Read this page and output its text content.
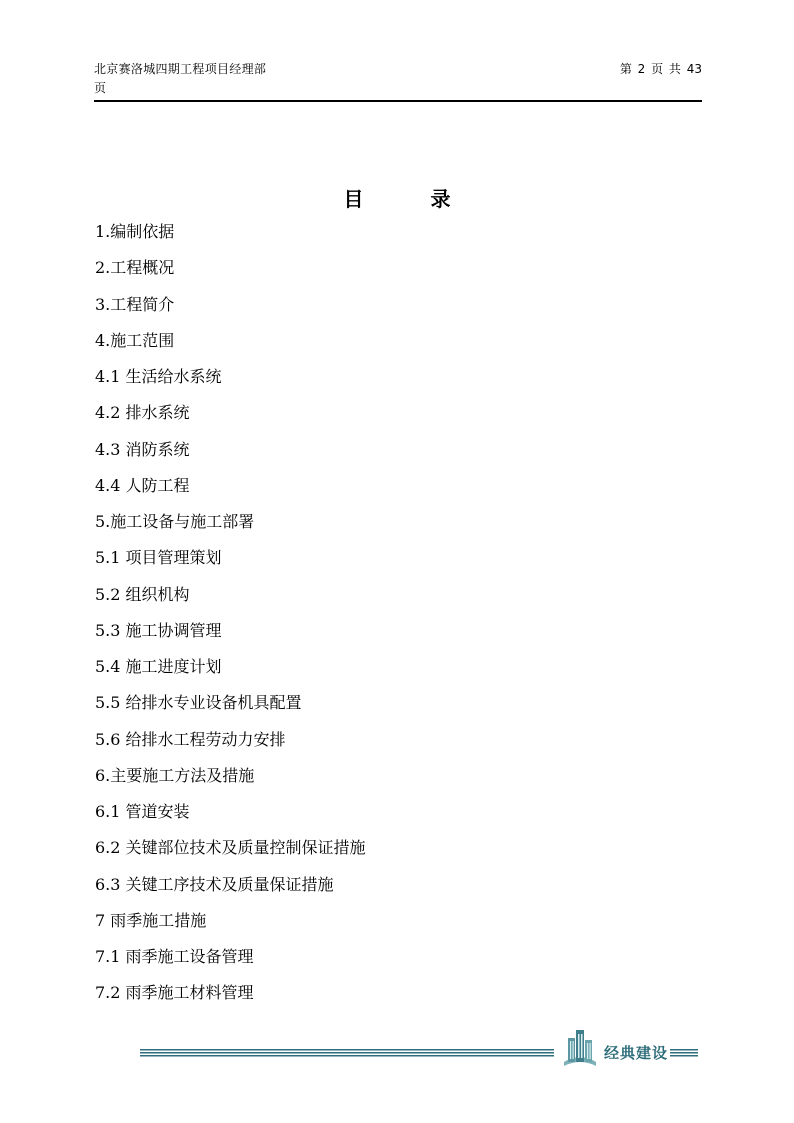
北京赛洛城四期工程项目经理部	第 2 页 共 43
页
目 录
1.编制依据
2.工程概况
3.工程简介
4.施工范围
4.1 生活给水系统
4.2 排水系统
4.3 消防系统
4.4 人防工程
5.施工设备与施工部署
5.1 项目管理策划
5.2 组织机构
5.3 施工协调管理
5.4 施工进度计划
5.5 给排水专业设备机具配置
5.6 给排水工程劳动力安排
6.主要施工方法及措施
6.1 管道安装
6.2 关键部位技术及质量控制保证措施
6.3 关键工序技术及质量保证措施
7 雨季施工措施
7.1 雨季施工设备管理
7.2 雨季施工材料管理
经典建设
